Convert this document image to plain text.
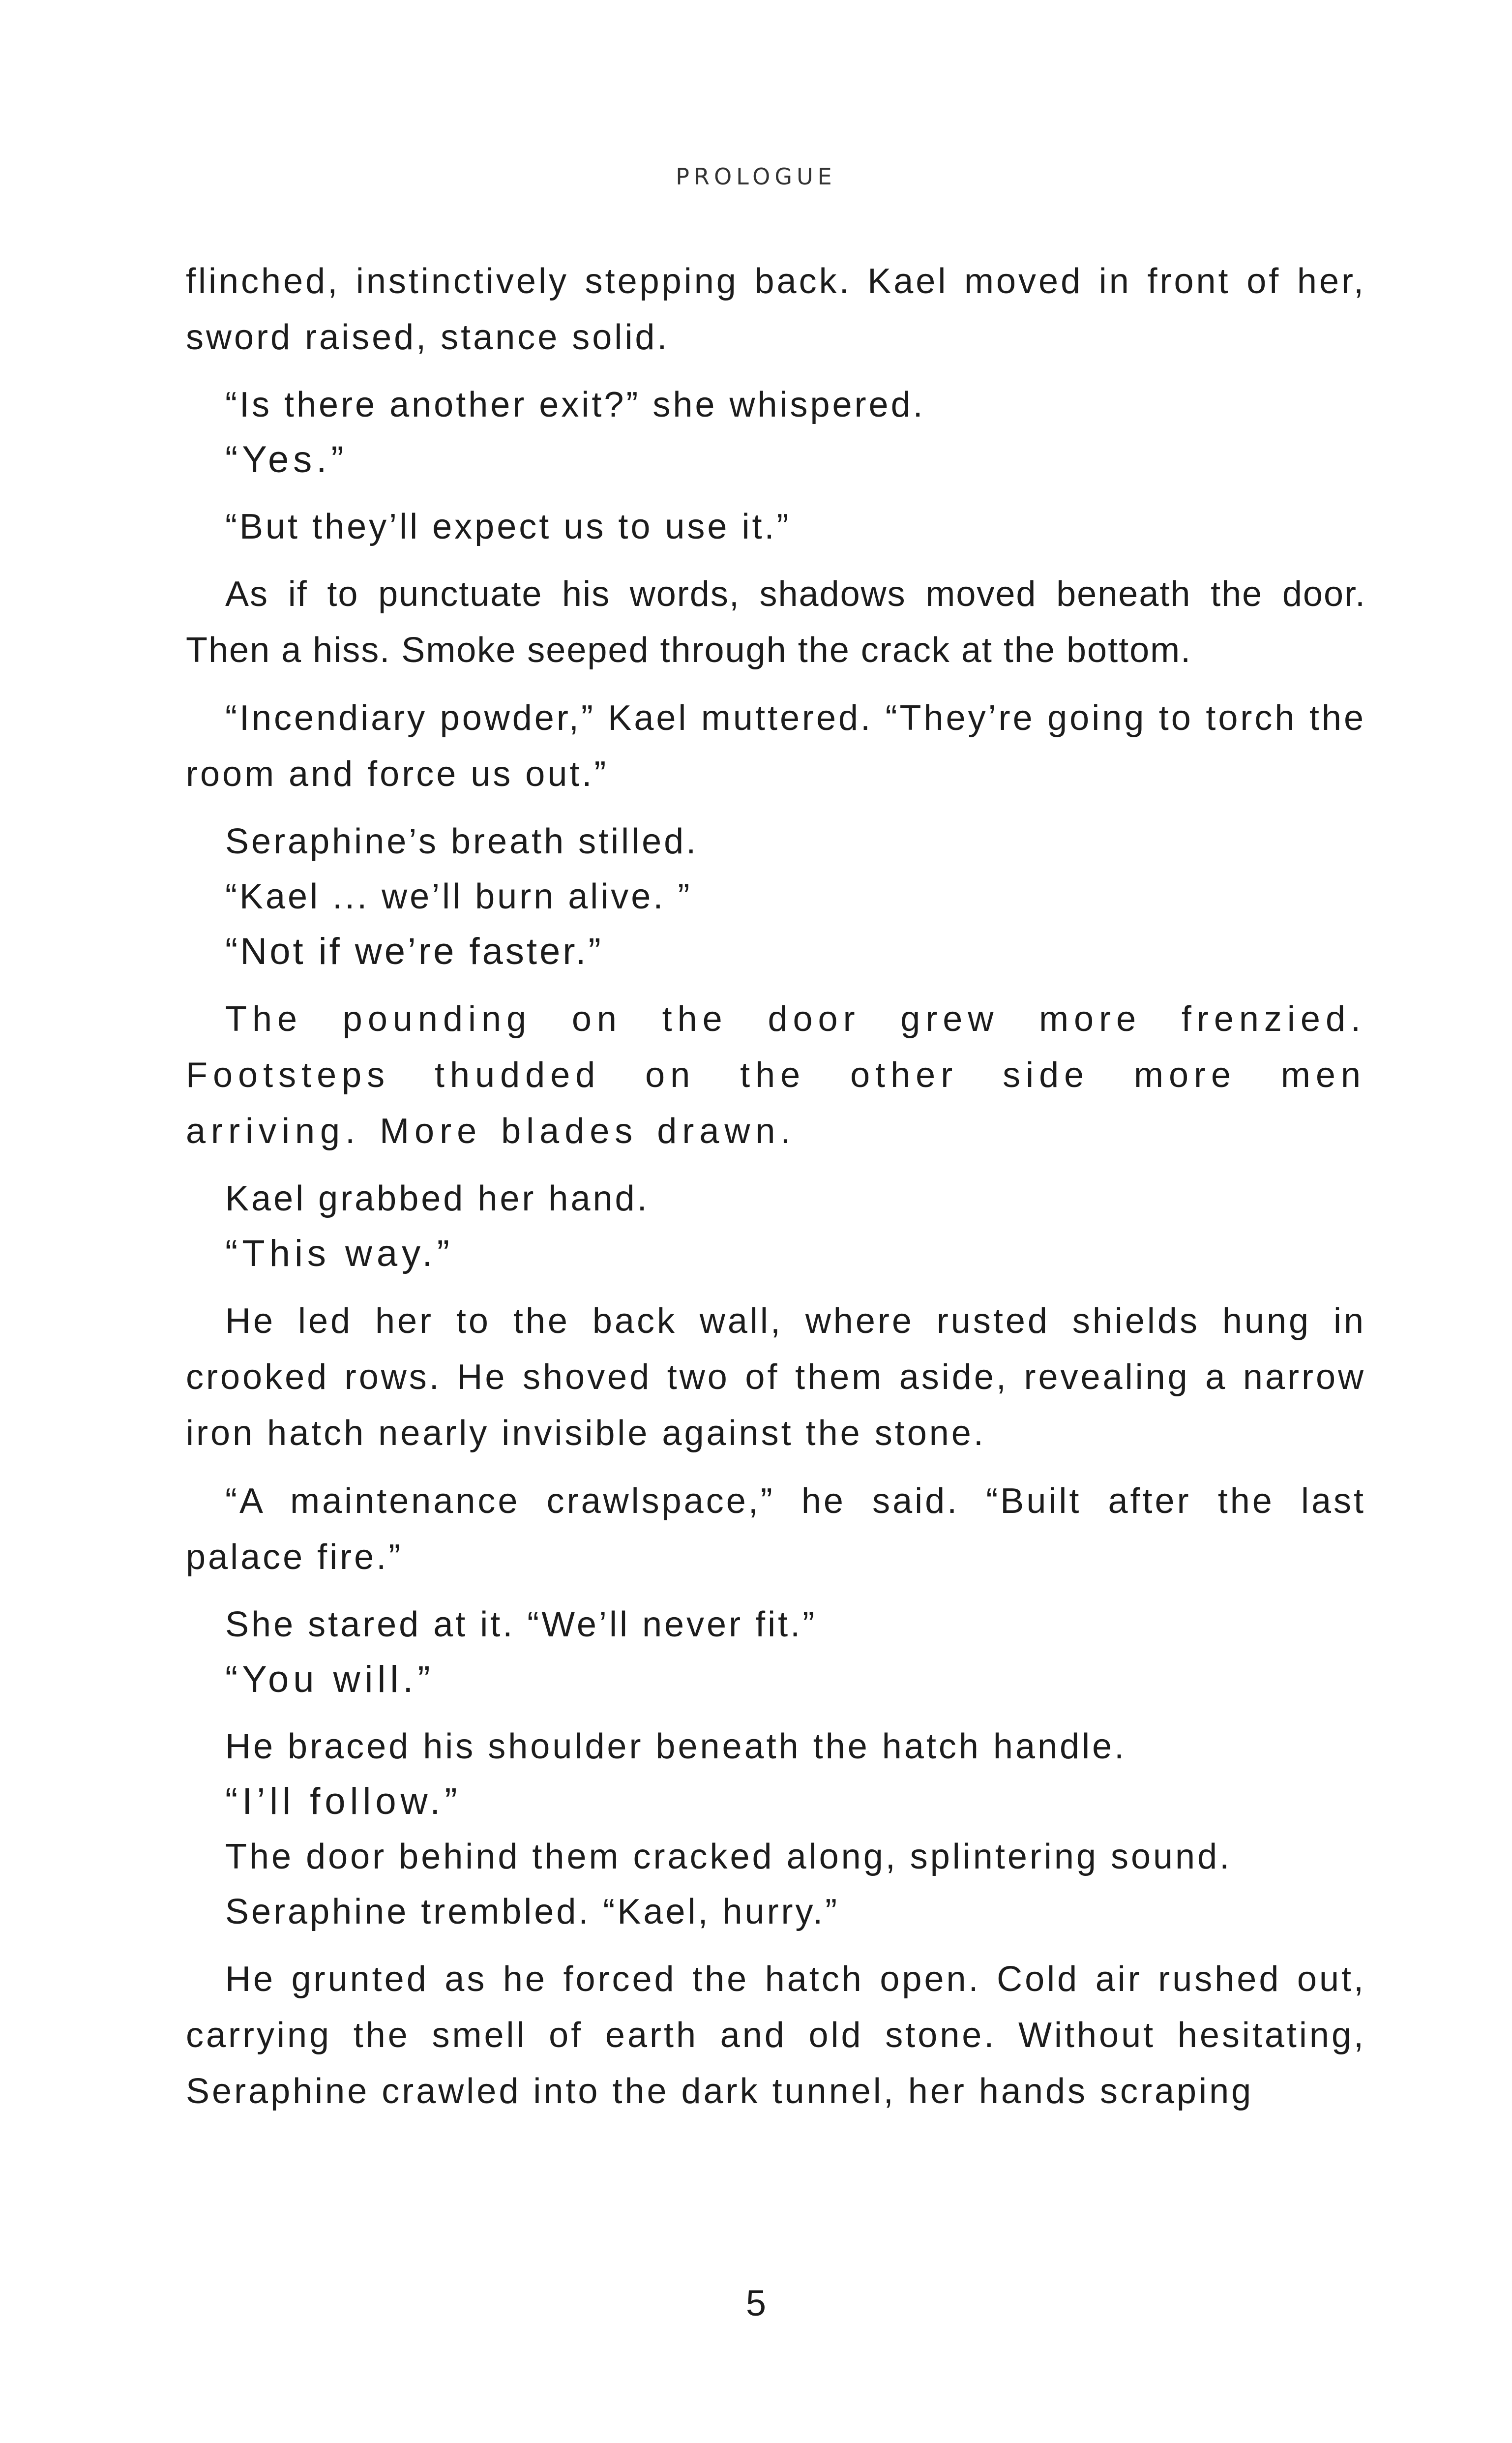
PROLOGUE

flinched, instinctively stepping back. Kael moved in front of her, sword raised, stance solid.

“Is there another exit?” she whispered.

“Yes.”

“But they’ll expect us to use it.”

As if to punctuate his words, shadows moved beneath the door. Then a hiss. Smoke seeped through the crack at the bottom.

“Incendiary powder,” Kael muttered. “They’re going to torch the room and force us out.”

Seraphine’s breath stilled.

“Kael ... we’ll burn alive. ”

“Not if we’re faster.”

The pounding on the door grew more frenzied. Footsteps thudded on the other side more men arriving. More blades drawn.

Kael grabbed her hand.

“This way.”

He led her to the back wall, where rusted shields hung in crooked rows. He shoved two of them aside, revealing a narrow iron hatch nearly invisible against the stone.

“A maintenance crawlspace,” he said. “Built after the last palace fire.”

She stared at it. “We’ll never fit.”

“You will.”

He braced his shoulder beneath the hatch handle.

“I’ll follow.”

The door behind them cracked along, splintering sound.

Seraphine trembled. “Kael, hurry.”

He grunted as he forced the hatch open. Cold air rushed out, carrying the smell of earth and old stone. Without hesitating, Seraphine crawled into the dark tunnel, her hands scraping

5
